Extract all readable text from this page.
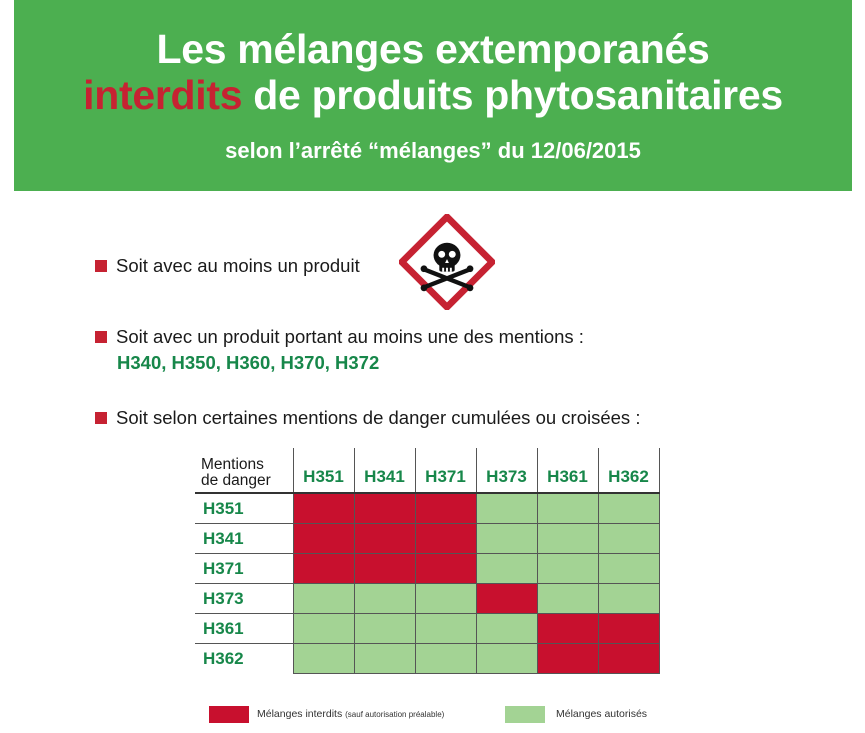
Les mélanges extemporanés
interdits de produits phytosanitaires
selon l’arrêté “mélanges” du 12/06/2015
Soit avec au moins un produit
Soit avec un produit portant au moins une des mentions :
H340, H350, H360, H370, H372
Soit selon certaines mentions de danger cumulées ou croisées :
Mentions
de danger	H351	H341	H371	H373	H361	H362
H351						
H341						
H371						
H373						
H361						
H362						
Mélanges interdits (sauf autorisation préalable)	Mélanges autorisés
